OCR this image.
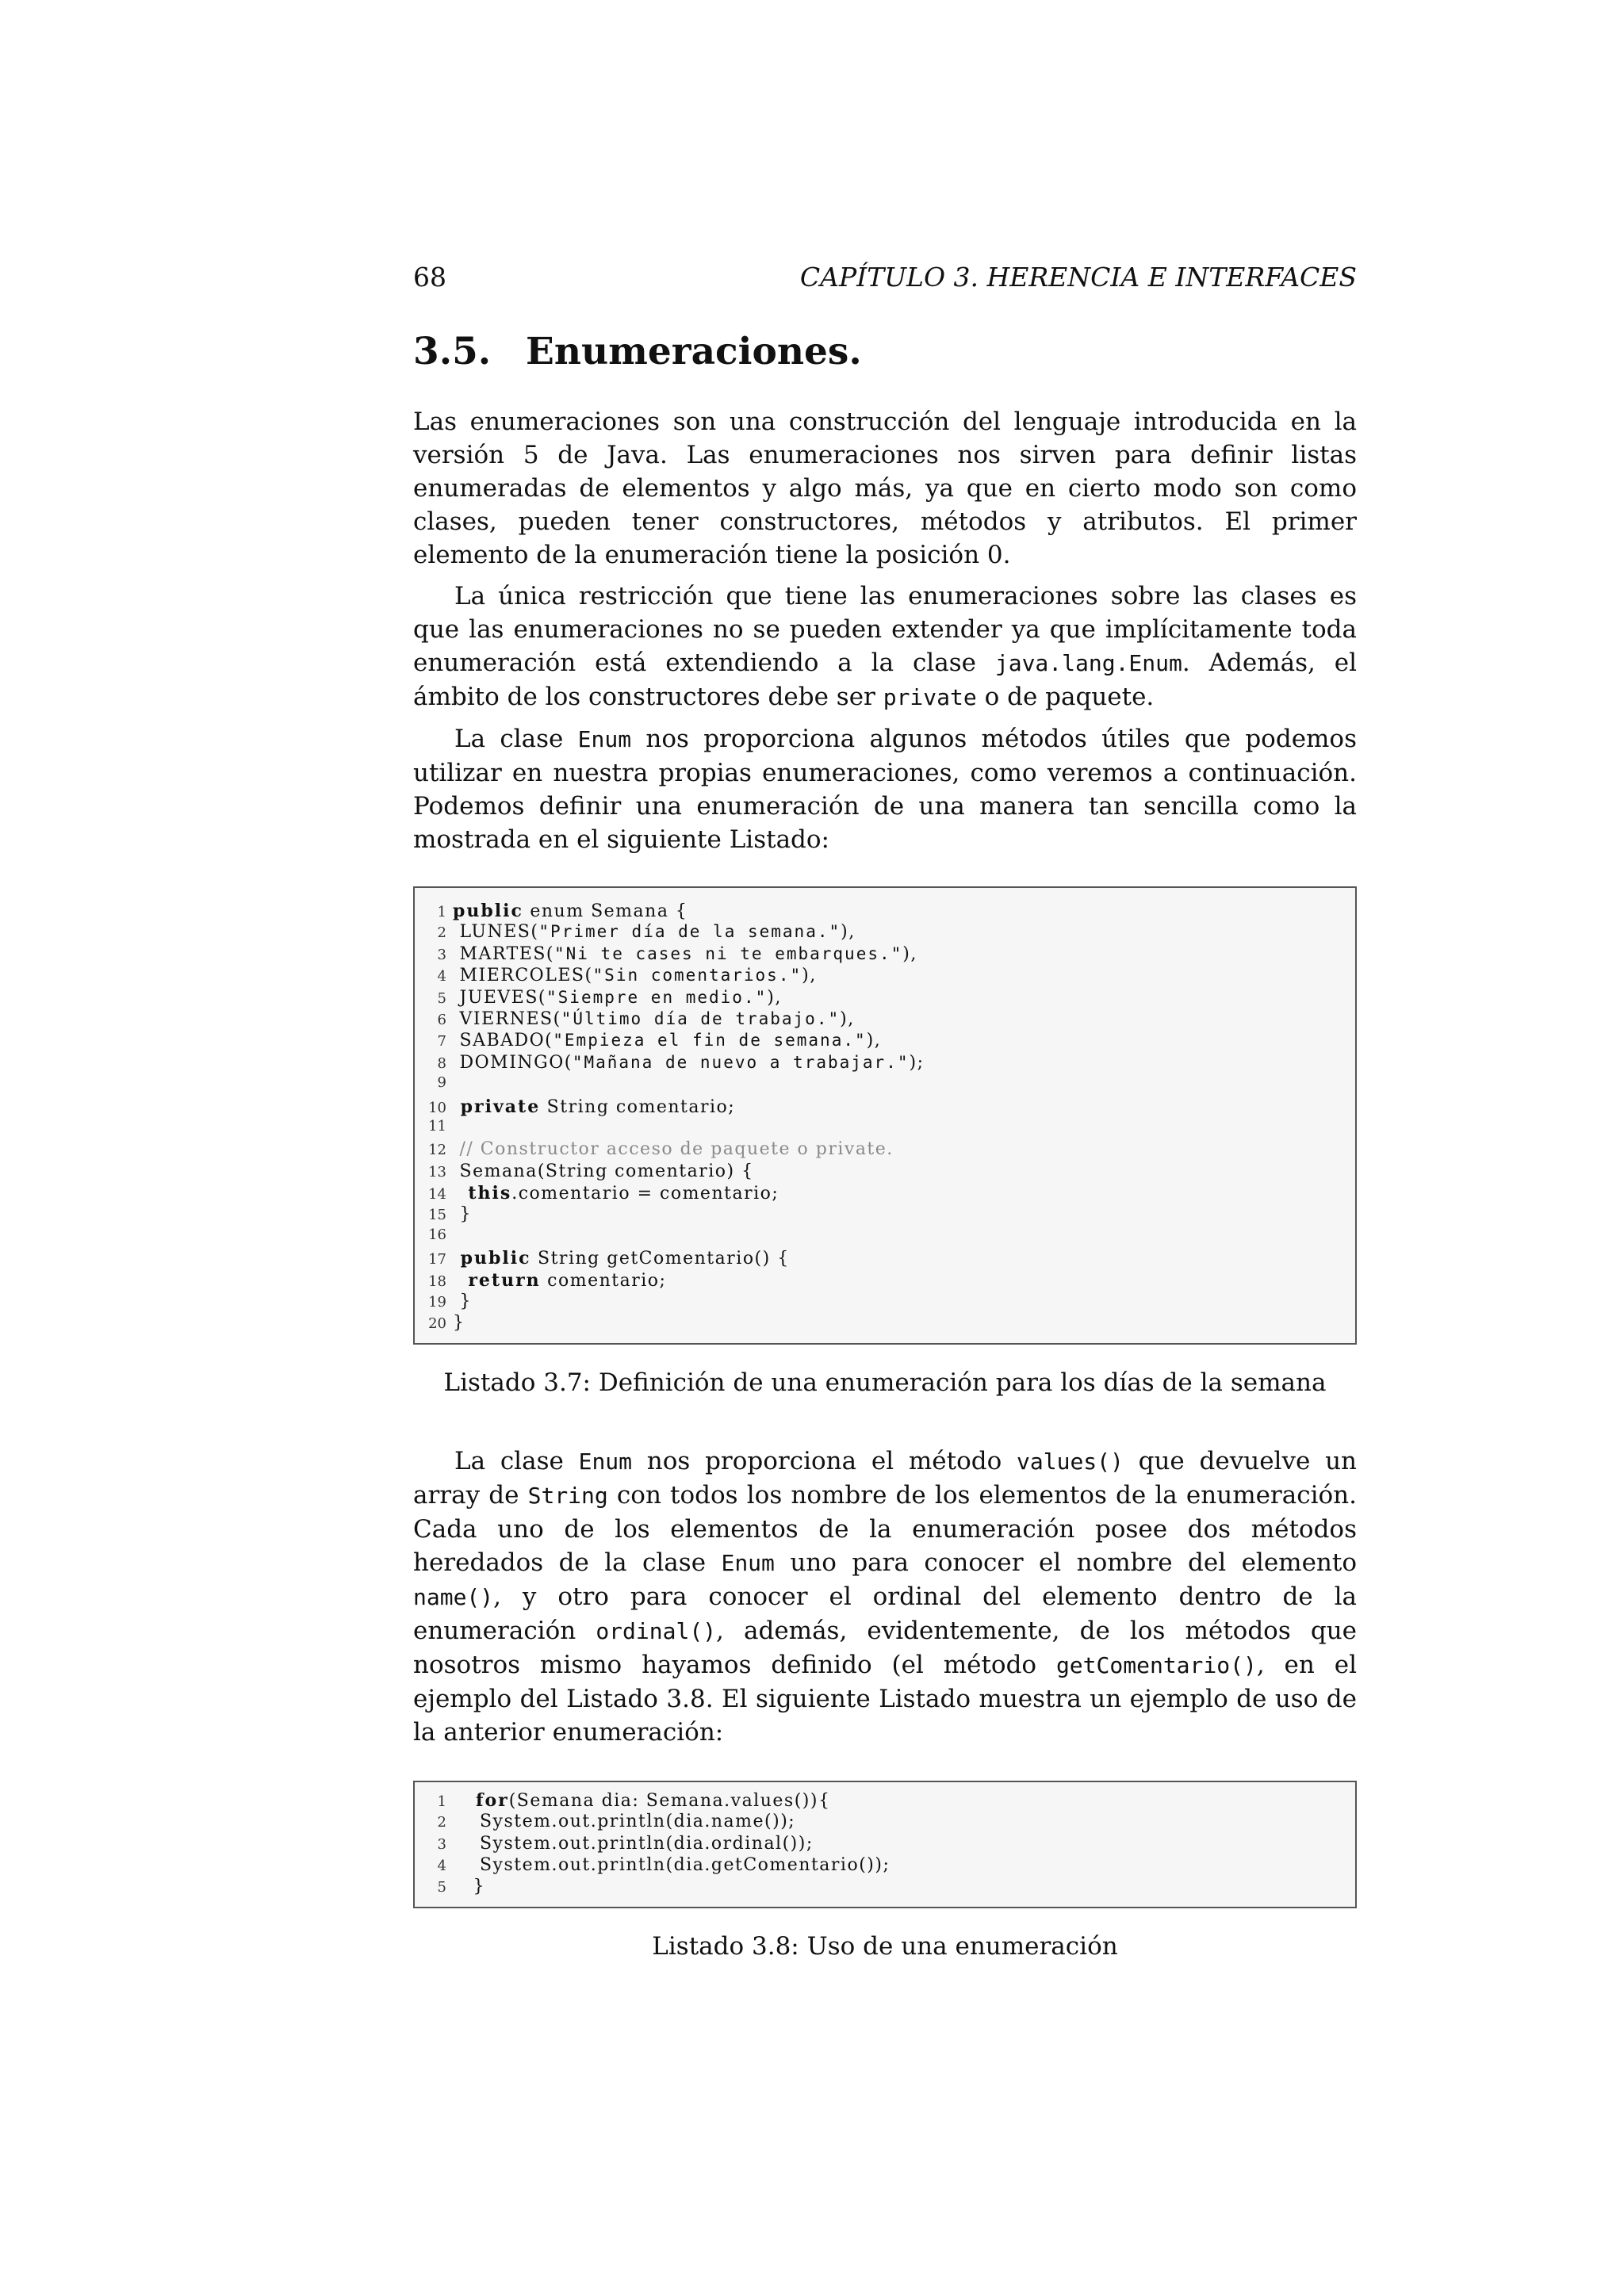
68	CAPÍTULO 3. HERENCIA E INTERFACES
3.5. Enumeraciones.

Las enumeraciones son una construcción del lenguaje introducida en la versión 5 de Java. Las enumeraciones nos sirven para definir listas enumeradas de elementos y algo más, ya que en cierto modo son como clases, pueden tener constructores, métodos y atributos. El primer elemento de la enumeración tiene la posición 0.

La única restricción que tiene las enumeraciones sobre las clases es que las enumeraciones no se pueden extender ya que implícitamente toda enumeración está extendiendo a la clase java.lang.Enum. Además, el ámbito de los constructores debe ser private o de paquete.

La clase Enum nos proporciona algunos métodos útiles que podemos utilizar en nuestra propias enumeraciones, como veremos a continuación. Podemos definir una enumeración de una manera tan sencilla como la mostrada en el siguiente Listado:

1 public enum Semana {
2 LUNES( "Primer día de la semana." ),
3 MARTES( "Ni te cases ni te embarques." ),
4 MIERCOLES( "Sin comentarios." ),
5 JUEVES( "Siempre en medio." ),
6 VIERNES( "Último día de trabajo." ),
7 SABADO( "Empieza el fin de semana." ),
8 DOMINGO( "Mañana de nuevo a trabajar." );
9
10 private String comentario;
11
12 // Constructor acceso de paquete o private.
13 Semana(String comentario) {
14 this .comentario = comentario;
15 }
16
17 public String getComentario() {
18 return comentario;
19 }
20 }
Listado 3.7: Definición de una enumeración para los días de la semana

La clase Enum nos proporciona el método values() que devuelve un array de String con todos los nombre de los elementos de la enumeración. Cada uno de los elementos de la enumeración posee dos métodos heredados de la clase Enum uno para conocer el nombre del elemento name(), y otro para conocer el ordinal del elemento dentro de la enumeración ordinal(), además, evidentemente, de los métodos que nosotros mismo hayamos definido (el método getComentario(), en el ejemplo del Listado 3.8. El siguiente Listado muestra un ejemplo de uso de la anterior enumeración:

1 for (Semana dia: Semana.values()){
2 System.out.println(dia.name());
3 System.out.println(dia.ordinal());
4 System.out.println(dia.getComentario());
5 }
Listado 3.8: Uso de una enumeración
